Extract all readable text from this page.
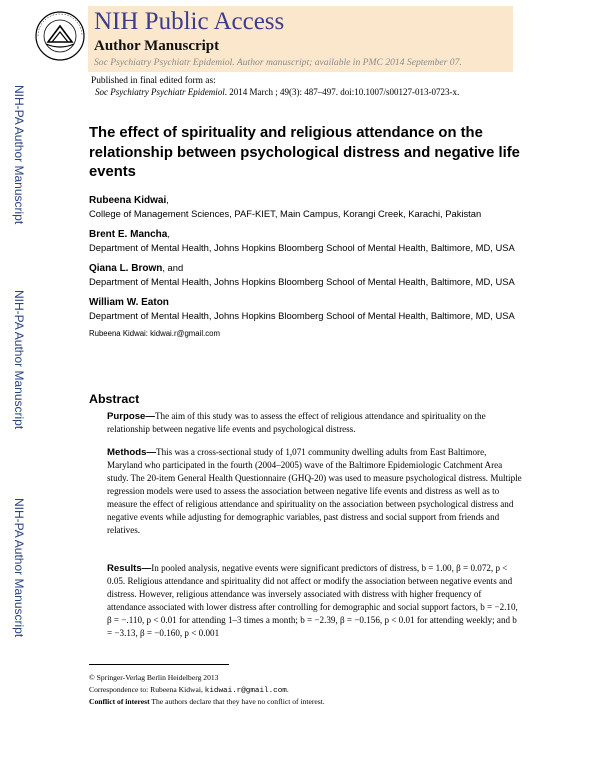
NIH Public Access
Author Manuscript
Soc Psychiatry Psychiatr Epidemiol. Author manuscript; available in PMC 2014 September 07.
Published in final edited form as:
Soc Psychiatry Psychiatr Epidemiol. 2014 March ; 49(3): 487–497. doi:10.1007/s00127-013-0723-x.
NIH-PA Author Manuscript
NIH-PA Author Manuscript
NIH-PA Author Manuscript
The effect of spirituality and religious attendance on the relationship between psychological distress and negative life events
Rubeena Kidwai,
College of Management Sciences, PAF-KIET, Main Campus, Korangi Creek, Karachi, Pakistan
Brent E. Mancha,
Department of Mental Health, Johns Hopkins Bloomberg School of Mental Health, Baltimore, MD, USA
Qiana L. Brown, and
Department of Mental Health, Johns Hopkins Bloomberg School of Mental Health, Baltimore, MD, USA
William W. Eaton
Department of Mental Health, Johns Hopkins Bloomberg School of Mental Health, Baltimore, MD, USA
Rubeena Kidwai: kidwai.r@gmail.com
Abstract
Purpose—The aim of this study was to assess the effect of religious attendance and spirituality on the relationship between negative life events and psychological distress.
Methods—This was a cross-sectional study of 1,071 community dwelling adults from East Baltimore, Maryland who participated in the fourth (2004–2005) wave of the Baltimore Epidemiologic Catchment Area study. The 20-item General Health Questionnaire (GHQ-20) was used to measure psychological distress. Multiple regression models were used to assess the association between negative life events and distress as well as to measure the effect of religious attendance and spirituality on the association between psychological distress and negative events while adjusting for demographic variables, past distress and social support from friends and relatives.
Results—In pooled analysis, negative events were significant predictors of distress, b = 1.00, β = 0.072, p < 0.05. Religious attendance and spirituality did not affect or modify the association between negative events and distress. However, religious attendance was inversely associated with distress with higher frequency of attendance associated with lower distress after controlling for demographic and social support factors, b = −2.10, β = −.110, p < 0.01 for attending 1–3 times a month; b = −2.39, β = −0.156, p < 0.01 for attending weekly; and b = −3.13, β = −0.160, p < 0.001
© Springer-Verlag Berlin Heidelberg 2013
Correspondence to: Rubeena Kidwai, kidwai.r@gmail.com.
Conflict of interest The authors declare that they have no conflict of interest.
